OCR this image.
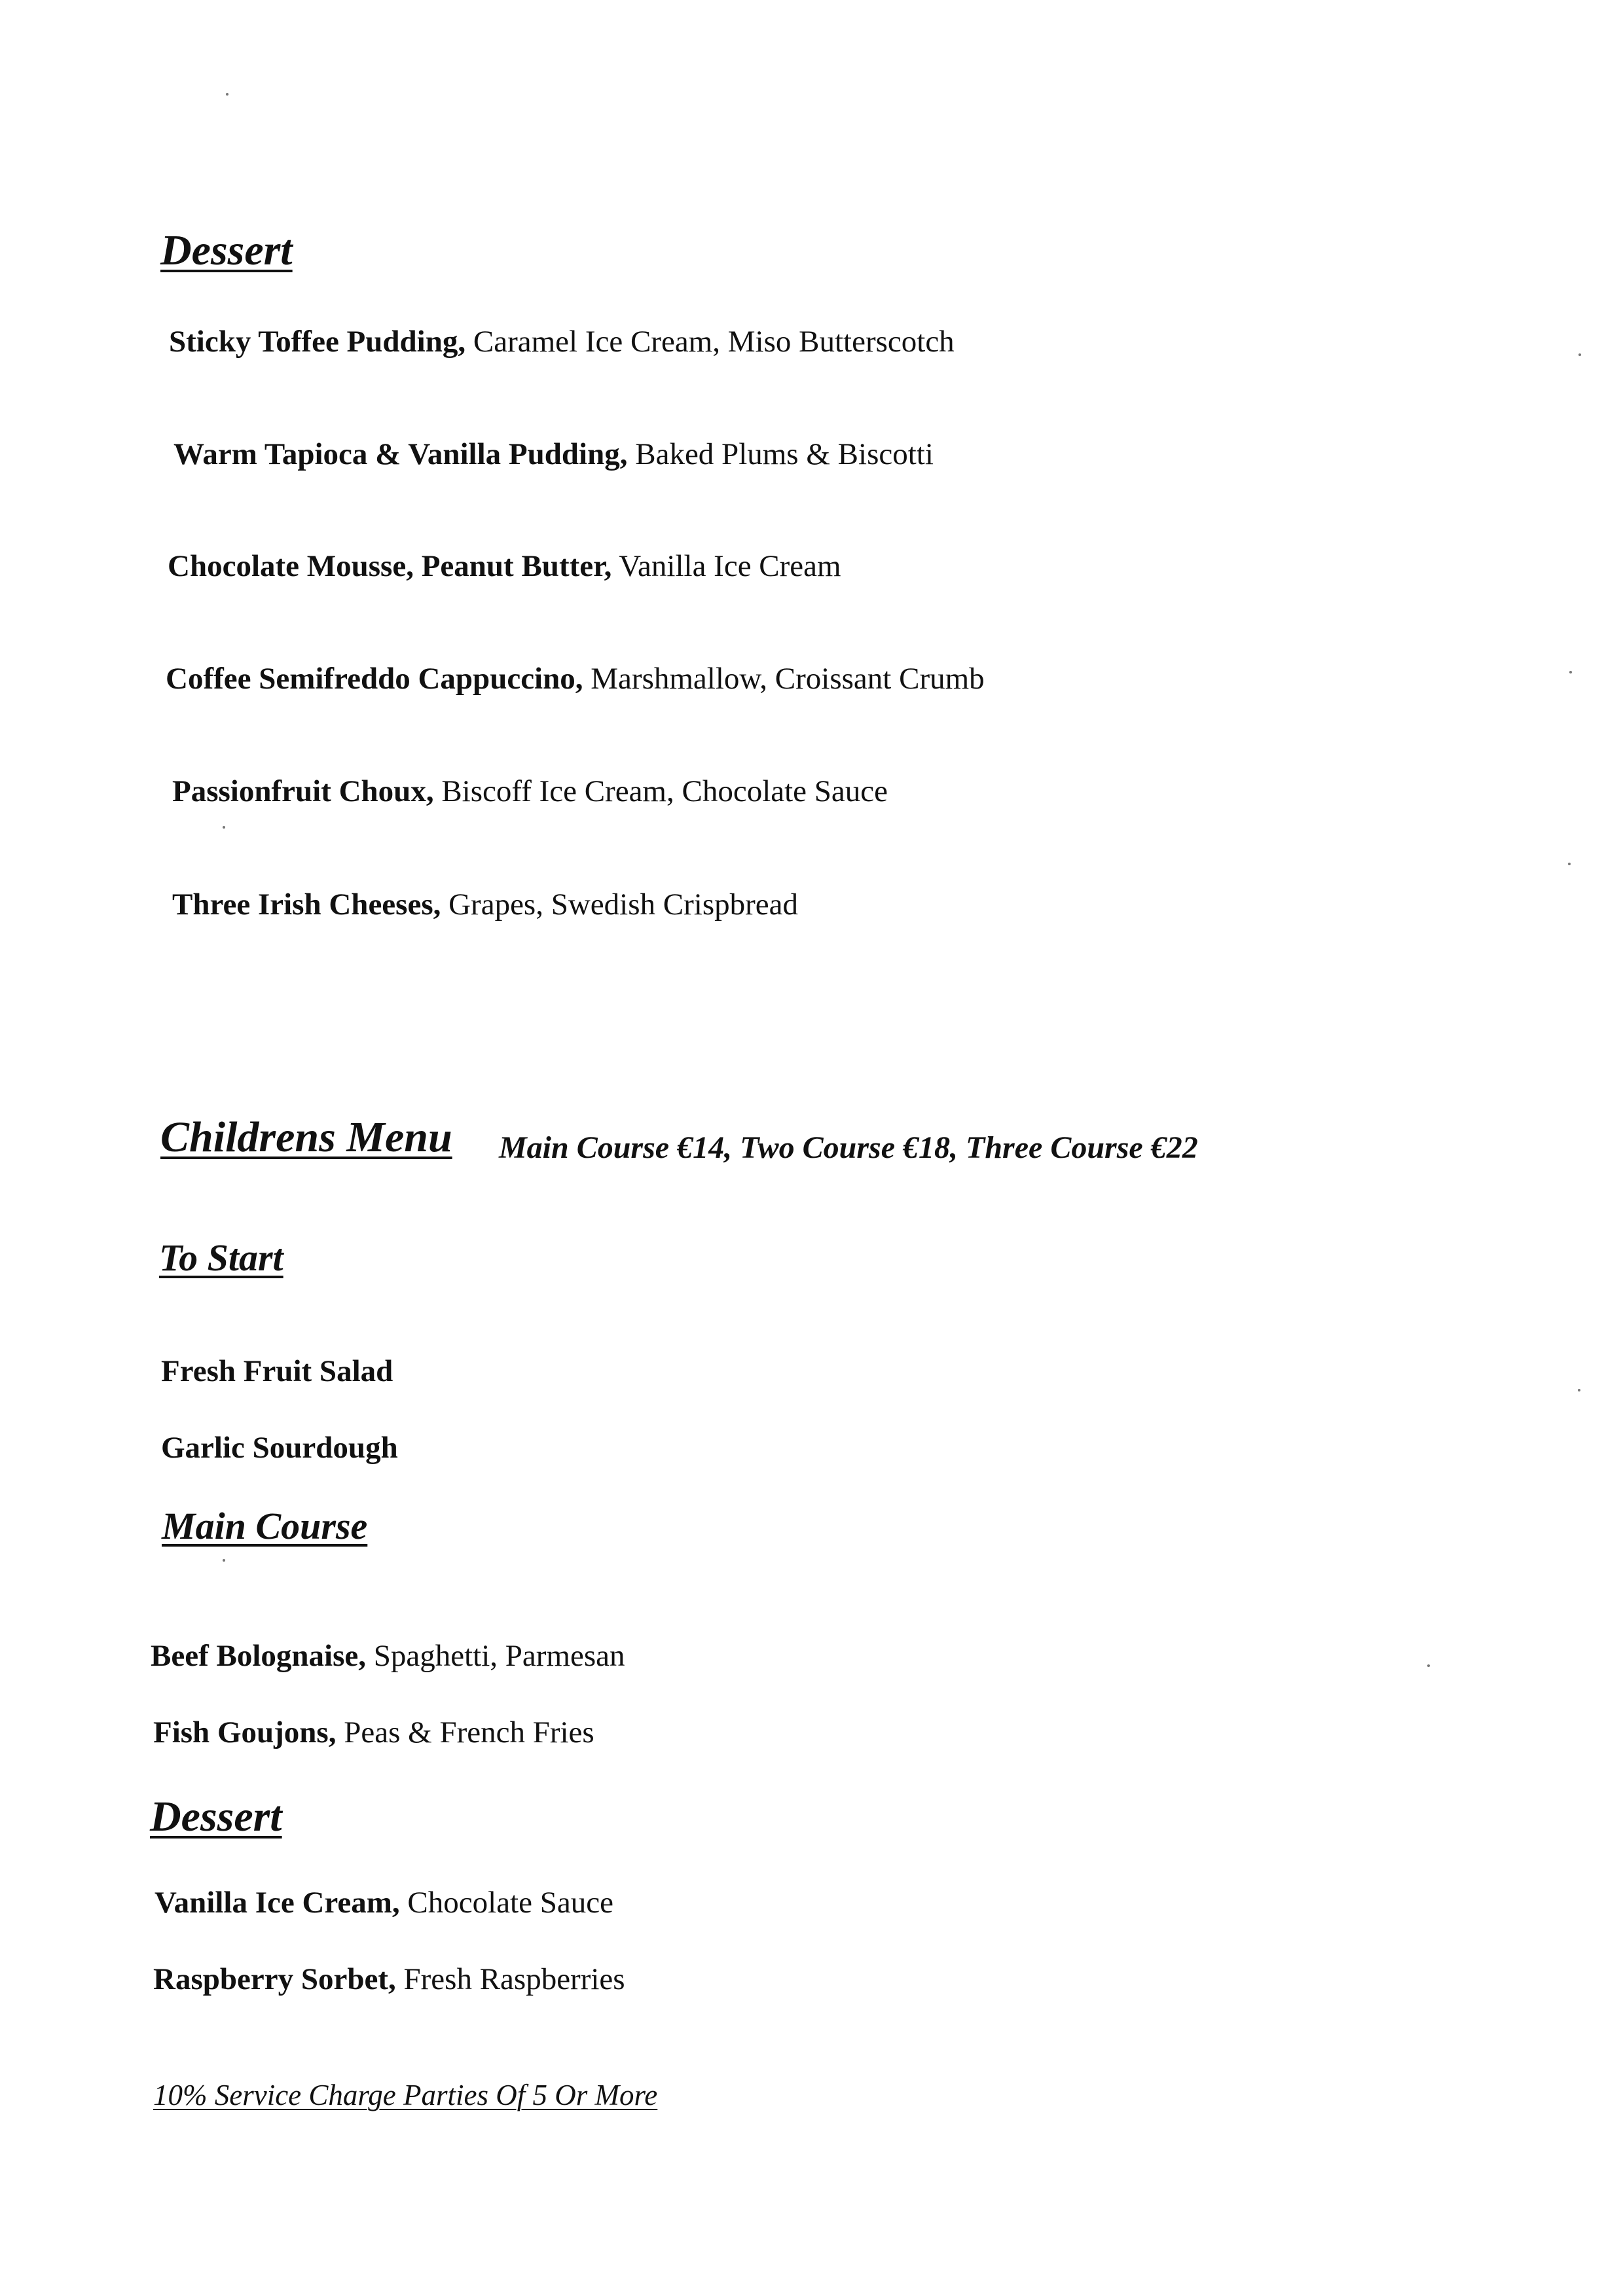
Dessert
Sticky Toffee Pudding, Caramel Ice Cream, Miso Butterscotch
Warm Tapioca & Vanilla Pudding, Baked Plums & Biscotti
Chocolate Mousse, Peanut Butter, Vanilla Ice Cream
Coffee Semifreddo Cappuccino, Marshmallow, Croissant Crumb
Passionfruit Choux, Biscoff Ice Cream, Chocolate Sauce
Three Irish Cheeses, Grapes, Swedish Crispbread
Childrens Menu Main Course €14, Two Course €18, Three Course €22
To Start
Fresh Fruit Salad
Garlic Sourdough
Main Course
Beef Bolognaise, Spaghetti, Parmesan
Fish Goujons, Peas & French Fries
Dessert
Vanilla Ice Cream, Chocolate Sauce
Raspberry Sorbet, Fresh Raspberries
10% Service Charge Parties Of 5 Or More
